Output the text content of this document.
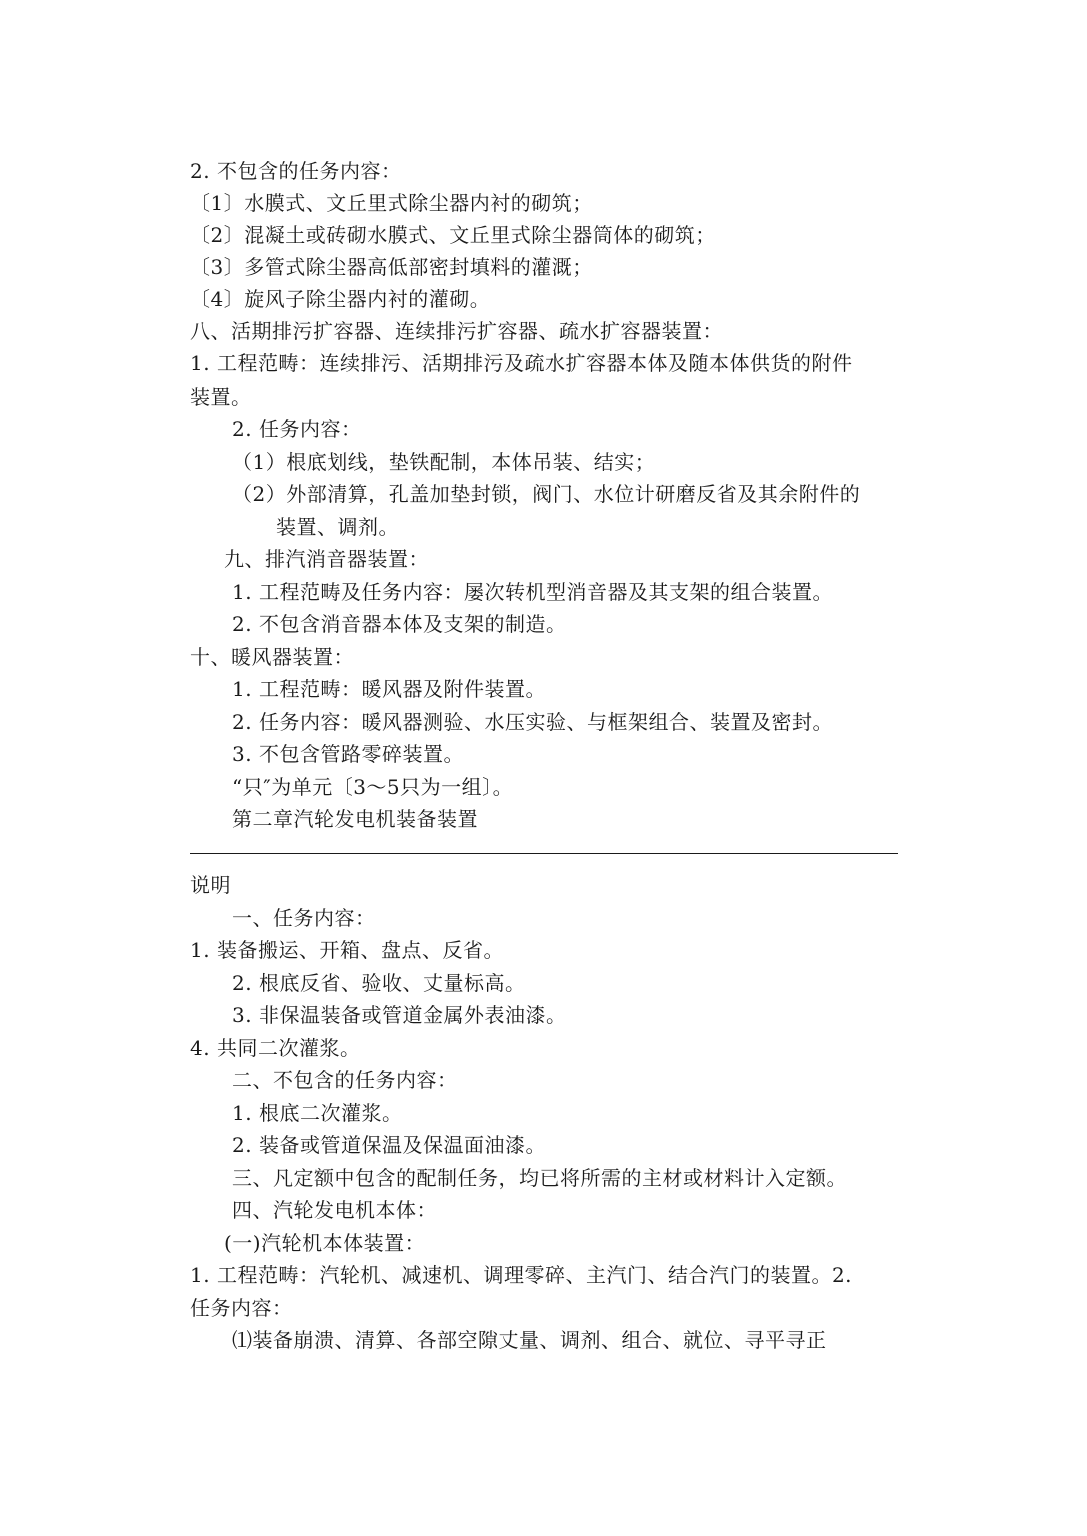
2. 不包含的任务内容：
〔1〕水膜式、文丘里式除尘器内衬的砌筑；
〔2〕混凝土或砖砌水膜式、文丘里式除尘器筒体的砌筑；
〔3〕多管式除尘器高低部密封填料的灌溉；
〔4〕旋风子除尘器内衬的灌砌。
八、活期排污扩容器、连续排污扩容器、疏水扩容器装置：
1. 工程范畴：连续排污、活期排污及疏水扩容器本体及随本体供货的附件
装置。
2. 任务内容：
（1）根底划线，垫铁配制，本体吊装、结实；
（2）外部清算，孔盖加垫封锁，阀门、水位计研磨反省及其余附件的
装置、调剂。
九、排汽消音器装置：
1. 工程范畴及任务内容：屡次转机型消音器及其支架的组合装置。
2. 不包含消音器本体及支架的制造。
十、暖风器装置：
1. 工程范畴：暖风器及附件装置。
2. 任务内容：暖风器测验、水压实验、与框架组合、装置及密封。
3. 不包含管路零碎装置。
“只″为单元〔3～5只为一组〕。
第二章汽轮发电机装备装置
说明
一、任务内容：
1. 装备搬运、开箱、盘点、反省。
2. 根底反省、验收、丈量标高。
3. 非保温装备或管道金属外表油漆。
4. 共同二次灌浆。
二、不包含的任务内容：
1. 根底二次灌浆。
2. 装备或管道保温及保温面油漆。
三、凡定额中包含的配制任务，均已将所需的主材或材料计入定额。
四、汽轮发电机本体：
(一)汽轮机本体装置：
1. 工程范畴：汽轮机、减速机、调理零碎、主汽门、结合汽门的装置。2.
任务内容：
⑴装备崩溃、清算、各部空隙丈量、调剂、组合、就位、寻平寻正
